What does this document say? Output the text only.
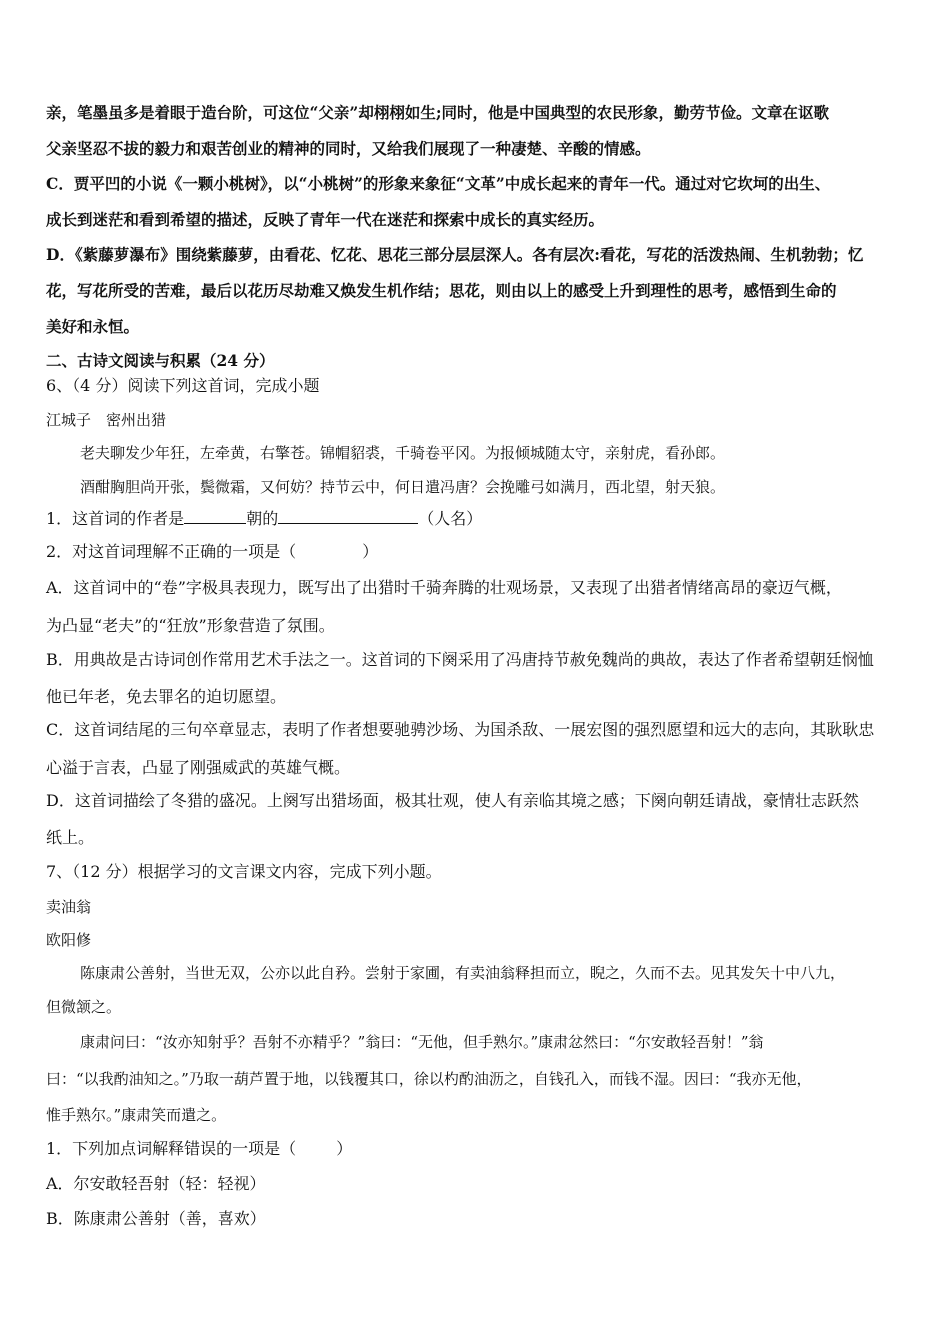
亲，笔墨虽多是着眼于造台阶，可这位“父亲”却栩栩如生;同时，他是中国典型的农民形象，勤劳节俭。文章在讴歌
父亲坚忍不拔的毅力和艰苦创业的精神的同时，又给我们展现了一种凄楚、辛酸的情感。
C．贾平凹的小说《一颗小桃树》，以“小桃树”的形象来象征“文革”中成长起来的青年一代。通过对它坎坷的出生、
成长到迷茫和看到希望的描述，反映了青年一代在迷茫和探索中成长的真实经历。
D．《紫藤萝瀑布》围绕紫藤萝，由看花、忆花、思花三部分层层深人。各有层次:看花，写花的活泼热闹、生机勃勃；忆
花，写花所受的苦难，最后以花历尽劫难又焕发生机作结；思花，则由以上的感受上升到理性的思考，感悟到生命的
美好和永恒。
二、古诗文阅读与积累（24 分）
6、（4 分）阅读下列这首词，完成小题
江城子　密州出猎
老夫聊发少年狂，左牵黄，右擎苍。锦帽貂裘，千骑卷平冈。为报倾城随太守，亲射虎，看孙郎。
酒酣胸胆尚开张，鬓微霜，又何妨？持节云中，何日遣冯唐？会挽雕弓如满月，西北望，射天狼。
1．这首词的作者是	朝的	（人名）
2．对这首词理解不正确的一项是（	）
A．这首词中的“卷”字极具表现力，既写出了出猎时千骑奔腾的壮观场景，又表现了出猎者情绪高昂的豪迈气概，
为凸显“老夫”的“狂放”形象营造了氛围。
B．用典故是古诗词创作常用艺术手法之一。这首词的下阕采用了冯唐持节赦免魏尚的典故，表达了作者希望朝廷悯恤
他已年老，免去罪名的迫切愿望。
C．这首词结尾的三句卒章显志，表明了作者想要驰骋沙场、为国杀敌、一展宏图的强烈愿望和远大的志向，其耿耿忠
心溢于言表，凸显了刚强威武的英雄气概。
D．这首词描绘了冬猎的盛况。上阕写出猎场面，极其壮观，使人有亲临其境之感；下阕向朝廷请战，豪情壮志跃然
纸上。
7、（12 分）根据学习的文言课文内容，完成下列小题。
卖油翁
欧阳修
陈康肃公善射，当世无双，公亦以此自矜。尝射于家圃，有卖油翁释担而立，睨之，久而不去。见其发矢十中八九，
但微颔之。
康肃问曰：“汝亦知射乎？吾射不亦精乎？”翁曰：“无他，但手熟尔。”康肃忿然曰：“尔安敢轻吾射！”翁
曰：“以我酌油知之。”乃取一葫芦置于地，以钱覆其口，徐以杓酌油沥之，自钱孔入，而钱不湿。因曰：“我亦无他，
惟手熟尔。”康肃笑而遣之。
1．下列加点词解释错误的一项是（	）
A．尔安敢轻吾射（轻：轻视）
B．陈康肃公善射（善，喜欢）
